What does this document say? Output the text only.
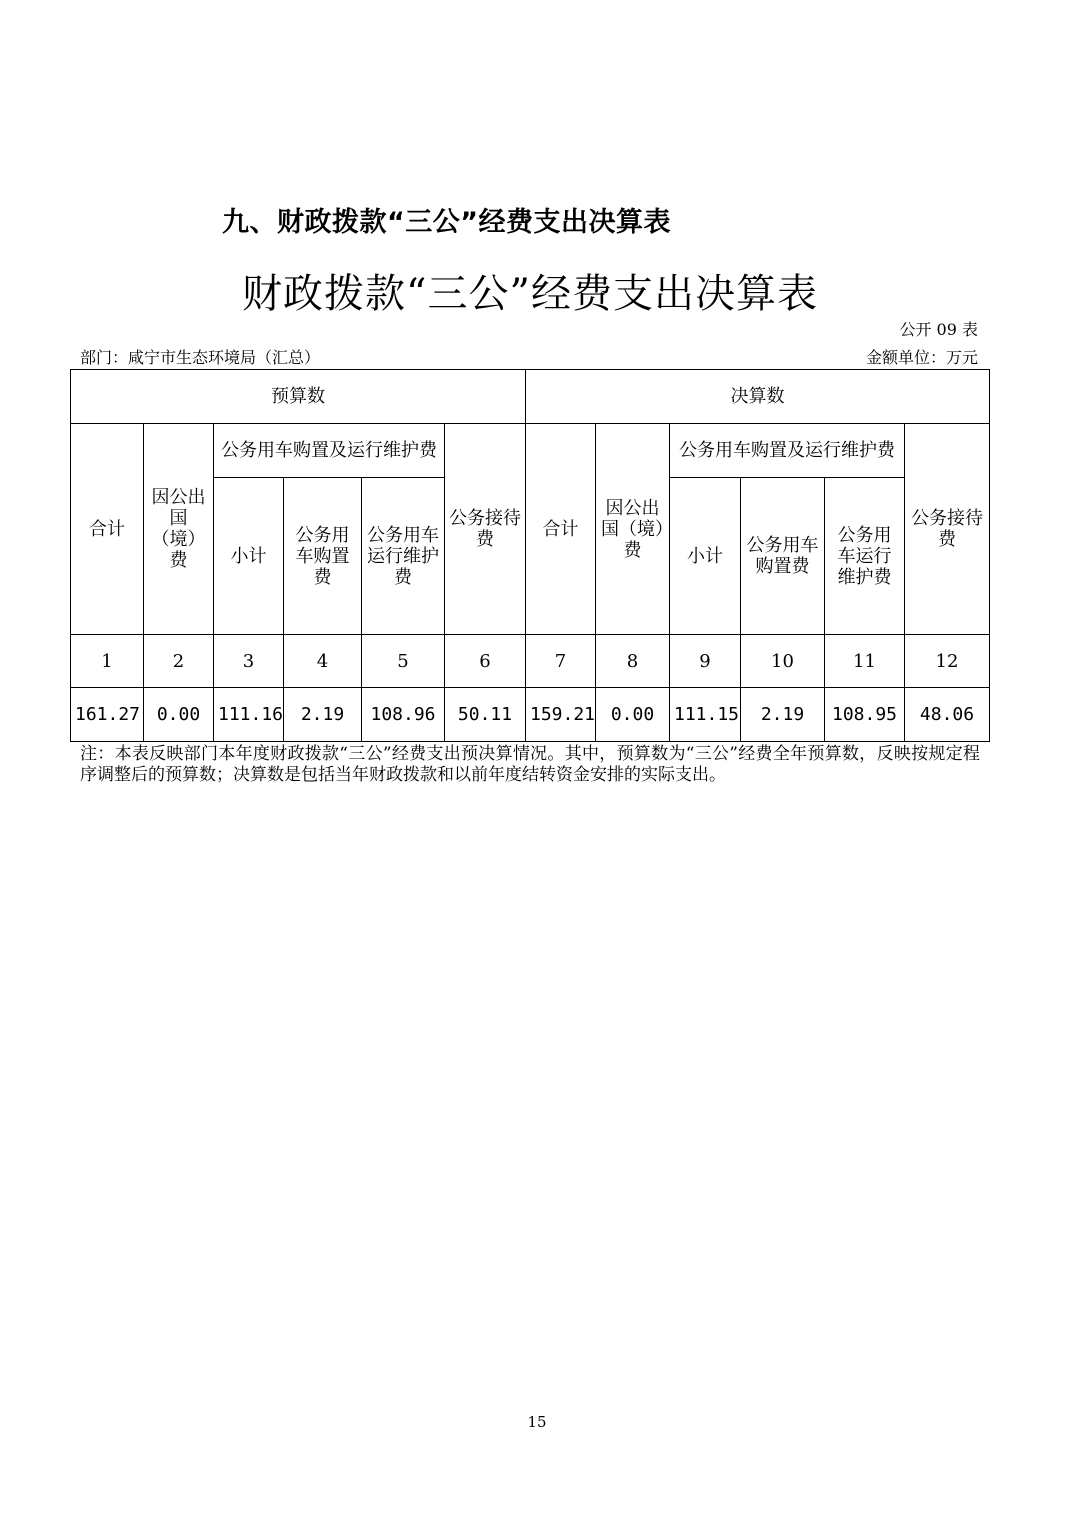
九、财政拨款“三公”经费支出决算表
财政拨款“三公”经费支出决算表
公开 09 表
部门：咸宁市生态环境局（汇总）	金额单位：万元
预算数						决算数					
合计	因公出国（境）费	公务用车购置及运行维护费			公务接待费	合计	因公出国（境）费	公务用车购置及运行维护费			公务接待费
		小计	公务用车购置费	公务用车运行维护费				小计	公务用车购置费	公务用车运行维护费	
1	2	3	4	5	6	7	8	9	10	11	12
161.27	0.00	111.16	2.19	108.96	50.11	159.21	0.00	111.15	2.19	108.95	48.06
注：本表反映部门本年度财政拨款“三公”经费支出预决算情况。其中，预算数为“三公”经费全年预算数，反映按规定程序调整后的预算数；决算数是包括当年财政拨款和以前年度结转资金安排的实际支出。
15
